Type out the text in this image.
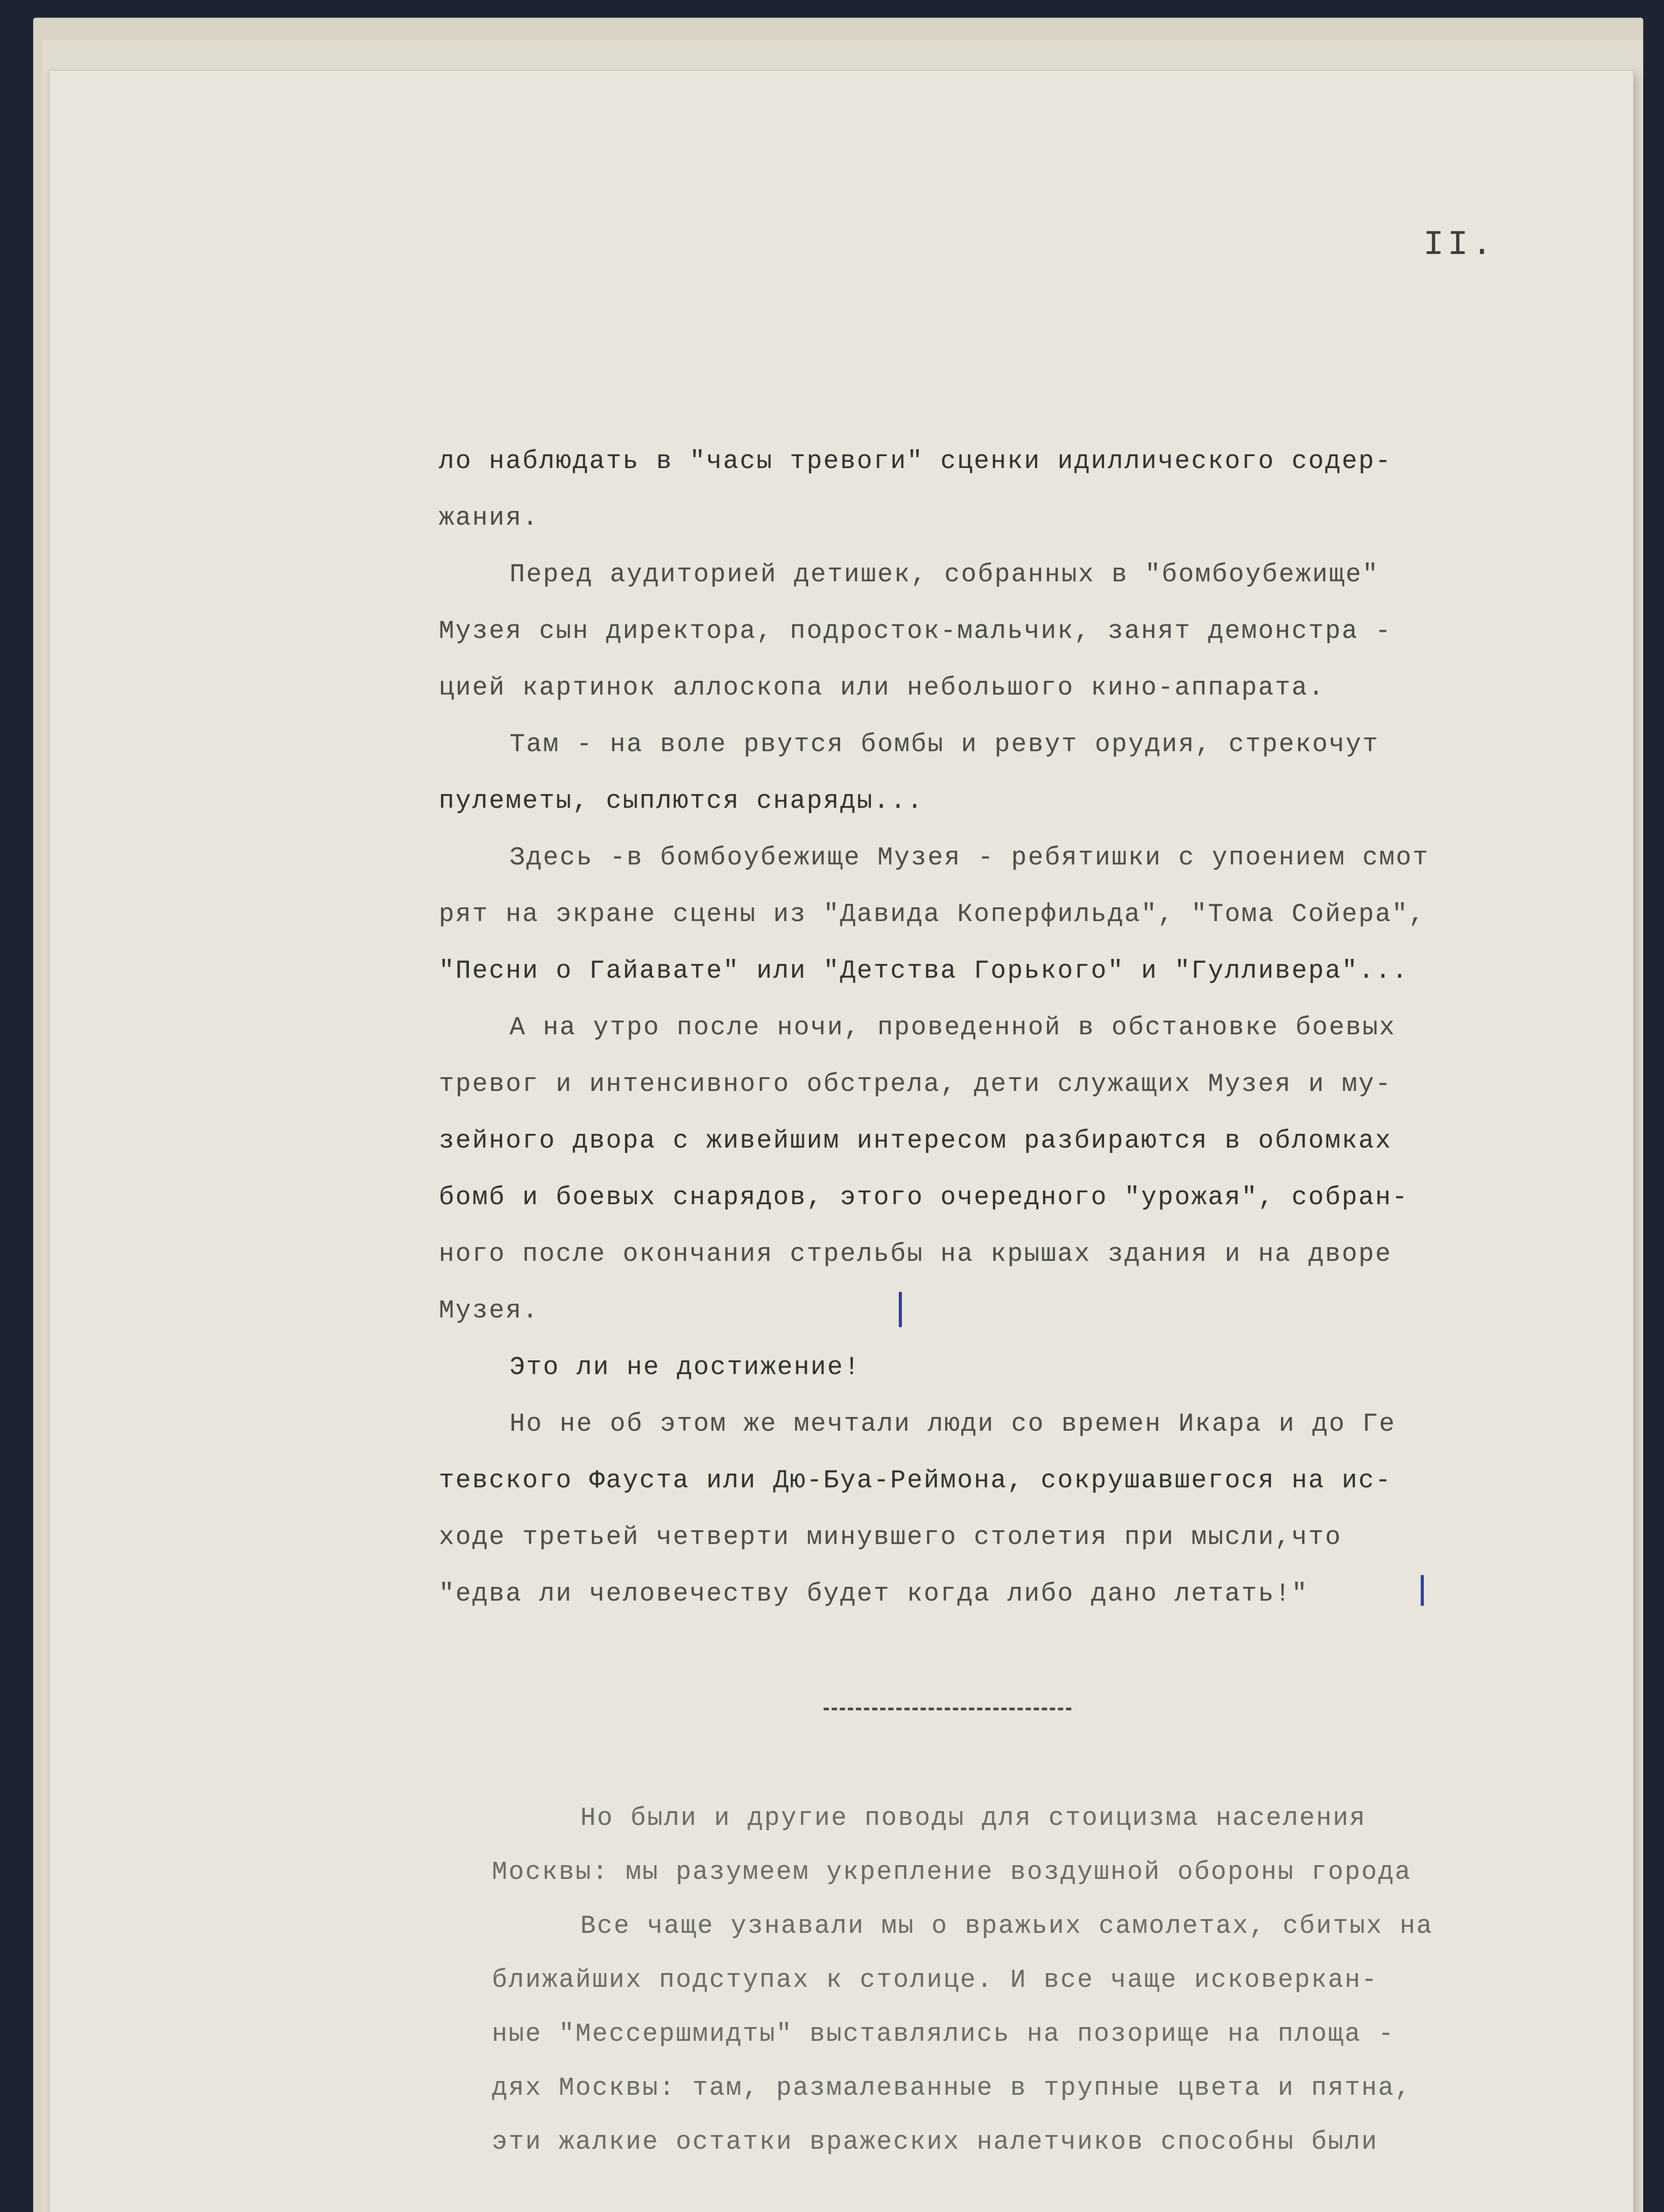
II.
ло наблюдать в "часы тревоги" сценки идиллического содер-
жания.
Перед аудиторией детишек, собранных в "бомбоубежище"
Музея сын директора, подросток-мальчик, занят демонстра -
цией картинок аллоскопа или небольшого кино-аппарата.
Там - на воле рвутся бомбы и ревут орудия, стрекочут
пулеметы, сыплются снаряды...
Здесь -в бомбоубежище Музея - ребятишки с упоением смот
рят на экране сцены из "Давида Коперфильда", "Тома Сойера",
"Песни о Гайавате" или "Детства Горького" и "Гулливера"...
А на утро после ночи, проведенной в обстановке боевых
тревог и интенсивного обстрела, дети служащих Музея и му-
зейного двора с живейшим интересом разбираются в обломках
бомб и боевых снарядов, этого очередного "урожая", собран-
ного после окончания стрельбы на крышах здания и на дворе
Музея.
Это ли не достижение!
Но не об этом же мечтали люди со времен Икара и до Ге
тевского Фауста или Дю-Буа-Реймона, сокрушавшегося на ис-
ходе третьей четверти минувшего столетия при мысли,что
"едва ли человечеству будет когда либо дано летать!"
Но были и другие поводы для стоицизма населения
Москвы: мы разумеем укрепление воздушной обороны города
Все чаще узнавали мы о вражьих самолетах, сбитых на
ближайших подступах к столице. И все чаще исковеркан-
ные "Мессершмидты" выставлялись на позорище на площа -
дях Москвы: там, размалеванные в трупные цвета и пятна,
эти жалкие остатки вражеских налетчиков способны были
